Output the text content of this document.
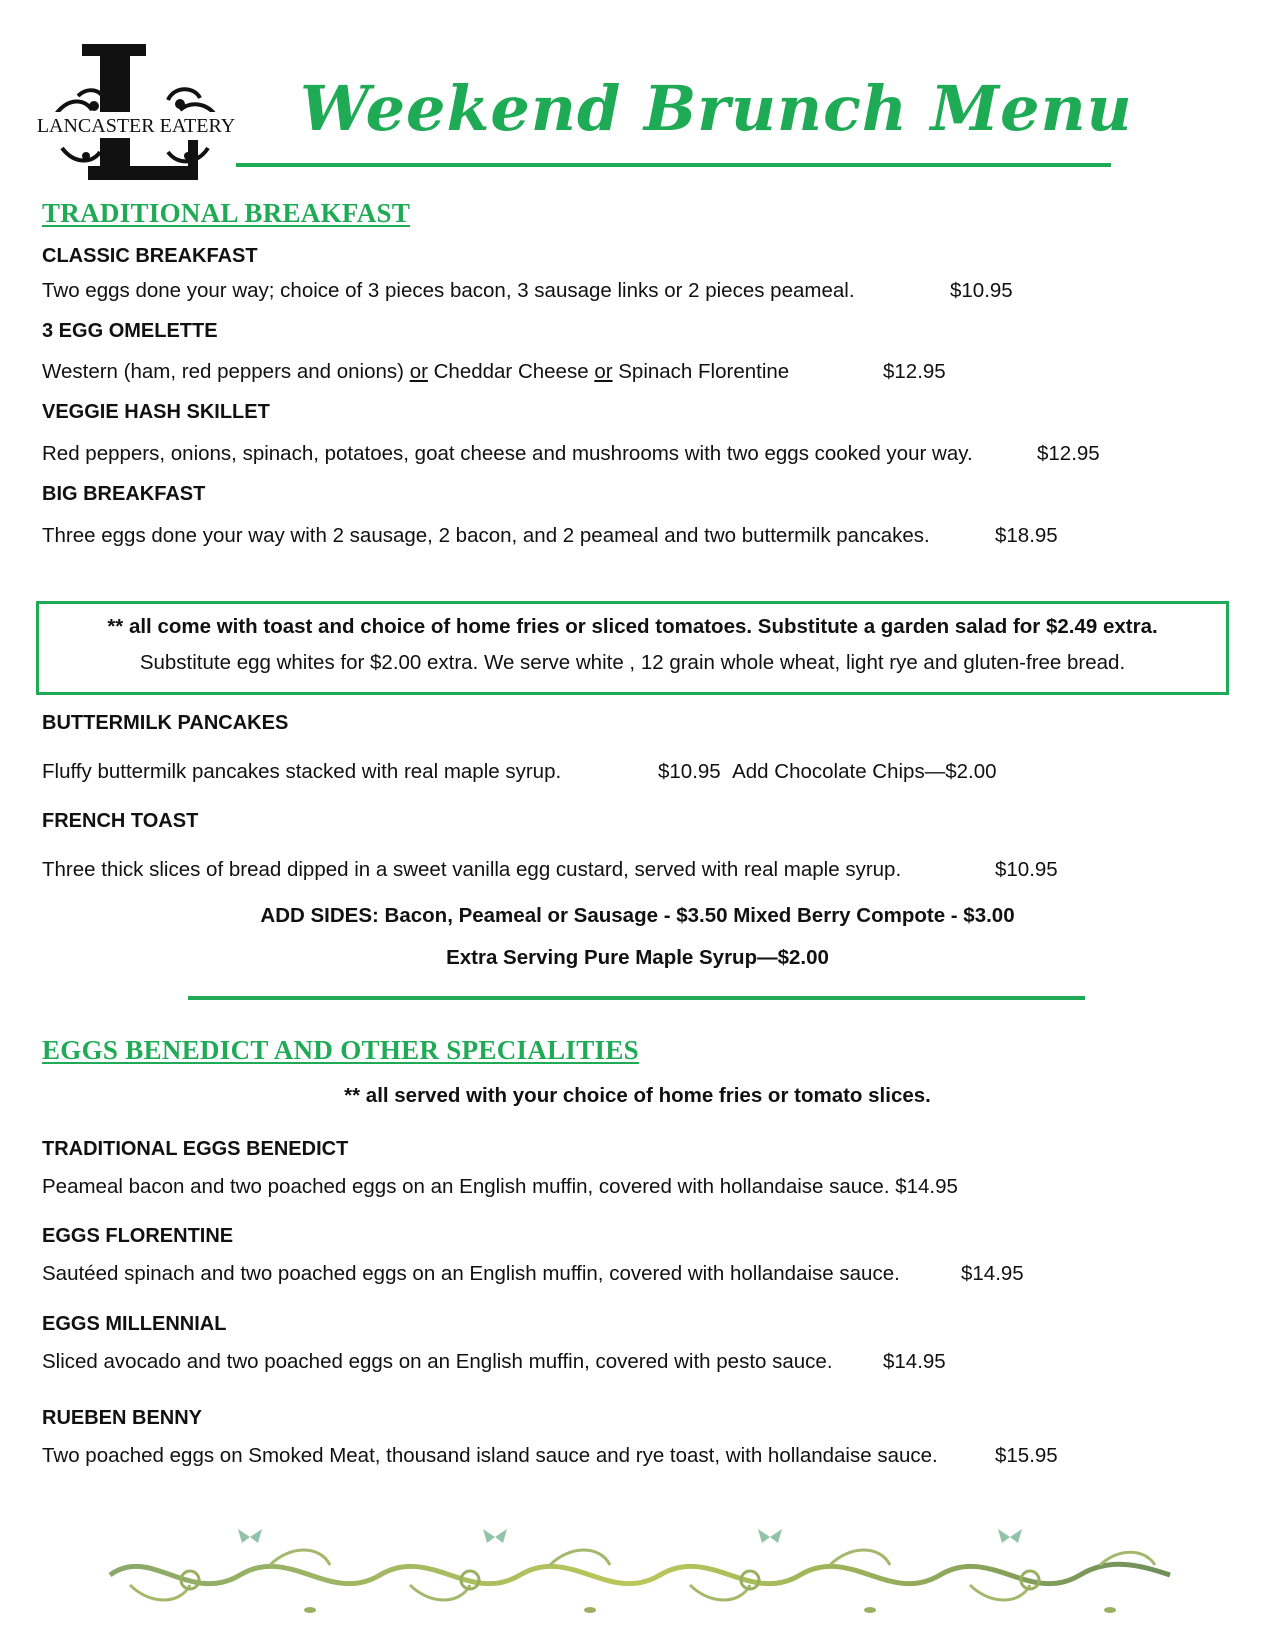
LANCASTER EATERY Weekend Brunch Menu
TRADITIONAL BREAKFAST
CLASSIC BREAKFAST
Two eggs done your way; choice of 3 pieces bacon, 3 sausage links or 2 pieces peameal.	$10.95
3 EGG OMELETTE
Western (ham, red peppers and onions) or Cheddar Cheese or Spinach Florentine	$12.95
VEGGIE HASH SKILLET
Red peppers, onions, spinach, potatoes, goat cheese and mushrooms with two eggs cooked your way.	$12.95
BIG BREAKFAST
Three eggs done your way with 2 sausage, 2 bacon, and 2 peameal and two buttermilk pancakes.	$18.95
** all come with toast and choice of home fries or sliced tomatoes. Substitute a garden salad for $2.49 extra.
Substitute egg whites for $2.00 extra. We serve white , 12 grain whole wheat, light rye and gluten-free bread.
BUTTERMILK PANCAKES
Fluffy buttermilk pancakes stacked with real maple syrup.	$10.95 Add Chocolate Chips—$2.00
FRENCH TOAST
Three thick slices of bread dipped in a sweet vanilla egg custard, served with real maple syrup.	$10.95
ADD SIDES: Bacon, Peameal or Sausage - $3.50 Mixed Berry Compote - $3.00
Extra Serving Pure Maple Syrup—$2.00
EGGS BENEDICT AND OTHER SPECIALITIES
** all served with your choice of home fries or tomato slices.
TRADITIONAL EGGS BENEDICT
Peameal bacon and two poached eggs on an English muffin, covered with hollandaise sauce. $14.95
EGGS FLORENTINE
Sautéed spinach and two poached eggs on an English muffin, covered with hollandaise sauce.	$14.95
EGGS MILLENNIAL
Sliced avocado and two poached eggs on an English muffin, covered with pesto sauce. $14.95
RUEBEN BENNY
Two poached eggs on Smoked Meat, thousand island sauce and rye toast, with hollandaise sauce.	$15.95
